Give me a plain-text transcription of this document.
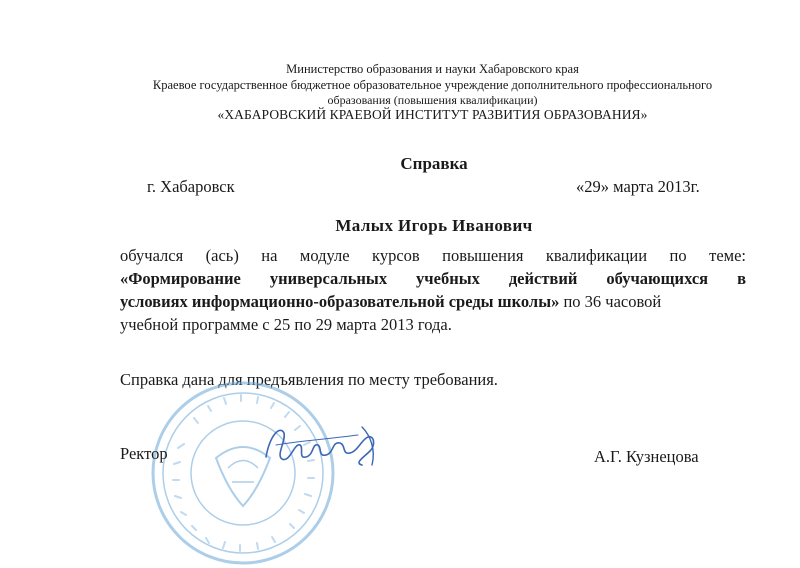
Министерство образования и науки Хабаровского края
Краевое государственное бюджетное образовательное учреждение дополнительного профессионального
образования (повышения квалификации)
«ХАБАРОВСКИЙ КРАЕВОЙ ИНСТИТУТ РАЗВИТИЯ ОБРАЗОВАНИЯ»
Справка
г. Хабаровск	«29» марта 2013г.
Малых Игорь Иванович
обучался (ась) на модуле курсов повышения квалификации по теме:
«Формирование универсальных учебных действий обучающихся в
условиях информационно-образовательной среды школы» по 36 часовой
учебной программе с 25 по 29 марта 2013 года.
Справка дана для предъявления по месту требования.
Ректор	А.Г. Кузнецова
